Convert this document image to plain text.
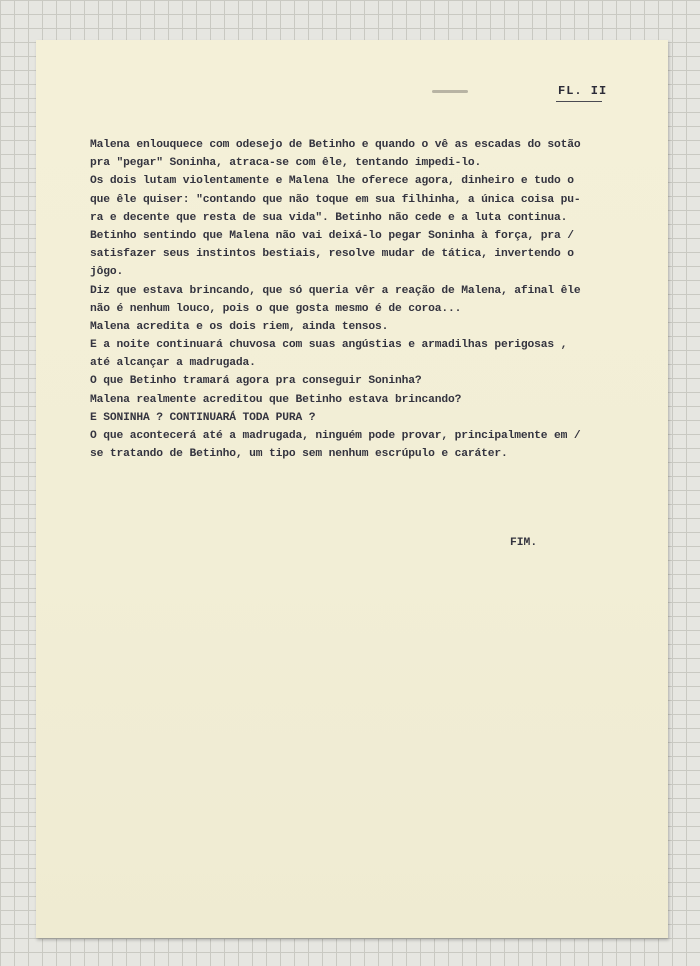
FL. II
Malena enlouquece com odesejo de Betinho e quando o vê as escadas do sotão
pra "pegar" Soninha, atraca-se com êle, tentando impedi-lo.
Os dois lutam violentamente e Malena lhe oferece agora, dinheiro e tudo o
que êle quiser: "contando que não toque em sua filhinha, a única coisa pu-
ra e decente que resta de sua vida". Betinho não cede e a luta continua.
Betinho sentindo que Malena não vai deixá-lo pegar Soninha à força, pra /
satisfazer seus instintos bestiais, resolve mudar de tática, invertendo o
jôgo.
Diz que estava brincando, que só queria vêr a reação de Malena, afinal êle
não é nenhum louco, pois o que gosta mesmo é de coroa...
Malena acredita e os dois riem, ainda tensos.
E a noite continuará chuvosa com suas angústias e armadilhas perigosas ,
até alcançar a madrugada.
O que Betinho tramará agora pra conseguir Soninha?
Malena realmente acreditou que Betinho estava brincando?
E SONINHA ? CONTINUARÁ TODA PURA ?
O que acontecerá até a madrugada, ninguém pode provar, principalmente em /
se tratando de Betinho, um tipo sem nenhum escrúpulo e caráter.
FIM.
